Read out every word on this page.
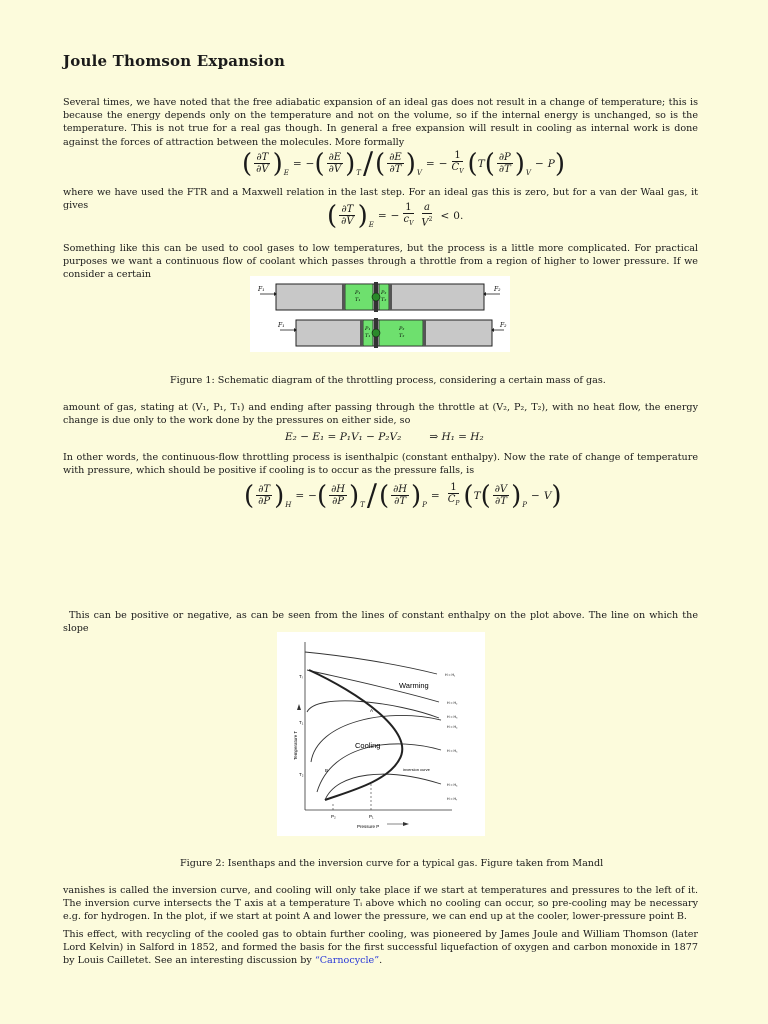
Joule Thomson Expansion

Several times, we have noted that the free adiabatic expansion of an ideal gas does not result in a change of temperature; this is because the energy depends only on the temperature and not on the volume, so if the internal energy is unchanged, so is the temperature. This is not true for a real gas though. In general a free expansion will result in cooling as internal work is done against the forces of attraction between the molecules. More formally

( $\frac{\partial T}{\partial V}$ ) E
= − ( $\frac{\partial E}{\partial V}$ ) T / ( $\frac{\partial E}{\partial T}$ ) V
= − $\frac{1}{C_V}$ ( T ( $\frac{\partial P}{\partial T}$ ) V
− P )

where we have used the FTR and a Maxwell relation in the last step. For an ideal gas this is zero, but for a van der Waal gas, it gives	( $\frac{\partial T}{\partial V}$ ) E
= − $\frac{1}{c_V} \frac{a}{V^2} < 0$.

Something like this can be used to cool gases to low temperatures, but the process is a little more complicated. For practical purposes we want a continuous flow of coolant which passes through a throttle from a region of higher to lower pressure. If we consider a certain

F₁	F₂
F₁	F₂
P₁
T₁
P₂
T₂
P₁
T₁
P₂
T₂
Figure 1: Schematic diagram of the throttling process, considering a certain mass of gas.

amount of gas, stating at (V₁, P₁, T₁) and ending after passing through the throttle at (V₂, P₂, T₂), with no heat flow, the energy change is due only to the work done by the pressures on either side, so

E₂ − E₁ = P₁V₁ − P₂V₂	⇒ H₁ = H₂

In other words, the continuous-flow throttling process is isenthalpic (constant enthalpy). Now the rate of change of temperature with pressure, which should be positive if cooling is to occur as the pressure falls, is

( $\frac{\partial T}{\partial P}$ ) H
= − ( $\frac{\partial H}{\partial P}$ ) T / ( $\frac{\partial H}{\partial T}$ ) P
= $\frac{1}{C_P}$ ( T ( $\frac{\partial V}{\partial T}$ ) P
− V )

This can be positive or negative, as can be seen from the lines of constant enthalpy on the plot above. The line on which the slope

Warming
Cooling
inversion curve
Temperature T
Pressure P
H = H₁
H = H₂
H = H₃
H = H₄
H = H₅
H = H₆
H = H₇
A
B
Tᵢ
T₁
T₂
P₁
P₂
Figure 2: Isenthaps and the inversion curve for a typical gas. Figure taken from Mandl

vanishes is called the inversion curve, and cooling will only take place if we start at temperatures and pressures to the left of it. The inversion curve intersects the T axis at a temperature Tᵢ above which no cooling can occur, so pre-cooling may be necessary e.g. for hydrogen. In the plot, if we start at point A and lower the pressure, we can end up at the cooler, lower-pressure point B.

This effect, with recycling of the cooled gas to obtain further cooling, was pioneered by James Joule and William Thomson (later Lord Kelvin) in Salford in 1852, and formed the basis for the first successful liquefaction of oxygen and carbon monoxide in 1877 by Louis Cailletet. See an interesting discussion by “Carnocycle”.
